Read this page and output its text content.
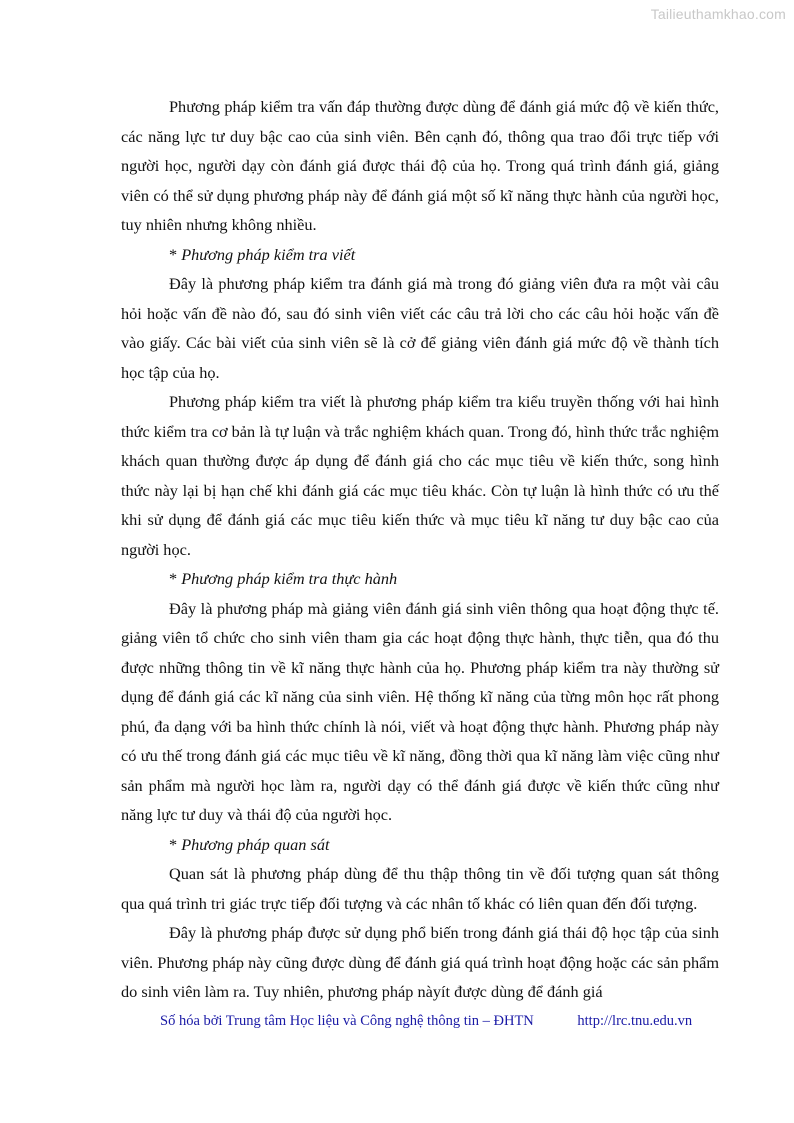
Tailieuthamkhao.com

Phương pháp kiểm tra vấn đáp thường được dùng để đánh giá mức độ về kiến thức, các năng lực tư duy bậc cao của sinh viên. Bên cạnh đó, thông qua trao đổi trực tiếp với người học, người dạy còn đánh giá được thái độ của họ. Trong quá trình đánh giá, giảng viên có thể sử dụng phương pháp này để đánh giá một số kĩ năng thực hành của người học, tuy nhiên nhưng không nhiều.

* Phương pháp kiểm tra viết

Đây là phương pháp kiểm tra đánh giá mà trong đó giảng viên đưa ra một vài câu hỏi hoặc vấn đề nào đó, sau đó sinh viên viết các câu trả lời cho các câu hỏi hoặc vấn đề vào giấy. Các bài viết của sinh viên sẽ là cở để giảng viên đánh giá mức độ về thành tích học tập của họ.

Phương pháp kiểm tra viết là phương pháp kiểm tra kiểu truyền thống với hai hình thức kiểm tra cơ bản là tự luận và trắc nghiệm khách quan. Trong đó, hình thức trắc nghiệm khách quan thường được áp dụng để đánh giá cho các mục tiêu về kiến thức, song hình thức này lại bị hạn chế khi đánh giá các mục tiêu khác. Còn tự luận là hình thức có ưu thế khi sử dụng để đánh giá các mục tiêu kiến thức và mục tiêu kĩ năng tư duy bậc cao của người học.

* Phương pháp kiểm tra thực hành

Đây là phương pháp mà giảng viên đánh giá sinh viên thông qua hoạt động thực tế. giảng viên tổ chức cho sinh viên tham gia các hoạt động thực hành, thực tiễn, qua đó thu được những thông tin về kĩ năng thực hành của họ. Phương pháp kiểm tra này thường sử dụng để đánh giá các kĩ năng của sinh viên. Hệ thống kĩ năng của từng môn học rất phong phú, đa dạng với ba hình thức chính là nói, viết và hoạt động thực hành. Phương pháp này có ưu thế trong đánh giá các mục tiêu về kĩ năng, đồng thời qua kĩ năng làm việc cũng như sản phẩm mà người học làm ra, người dạy có thể đánh giá được về kiến thức cũng như năng lực tư duy và thái độ của người học.

* Phương pháp quan sát

Quan sát là phương pháp dùng để thu thập thông tin về đối tượng quan sát thông qua quá trình tri giác trực tiếp đối tượng và các nhân tố khác có liên quan đến đối tượng.

Đây là phương pháp được sử dụng phổ biến trong đánh giá thái độ học tập của sinh viên. Phương pháp này cũng được dùng để đánh giá quá trình hoạt động hoặc các sản phẩm do sinh viên làm ra. Tuy nhiên, phương pháp nàyít được dùng để đánh giá

Số hóa bởi Trung tâm Học liệu và Công nghệ thông tin – ĐHTN	http://lrc.tnu.edu.vn
